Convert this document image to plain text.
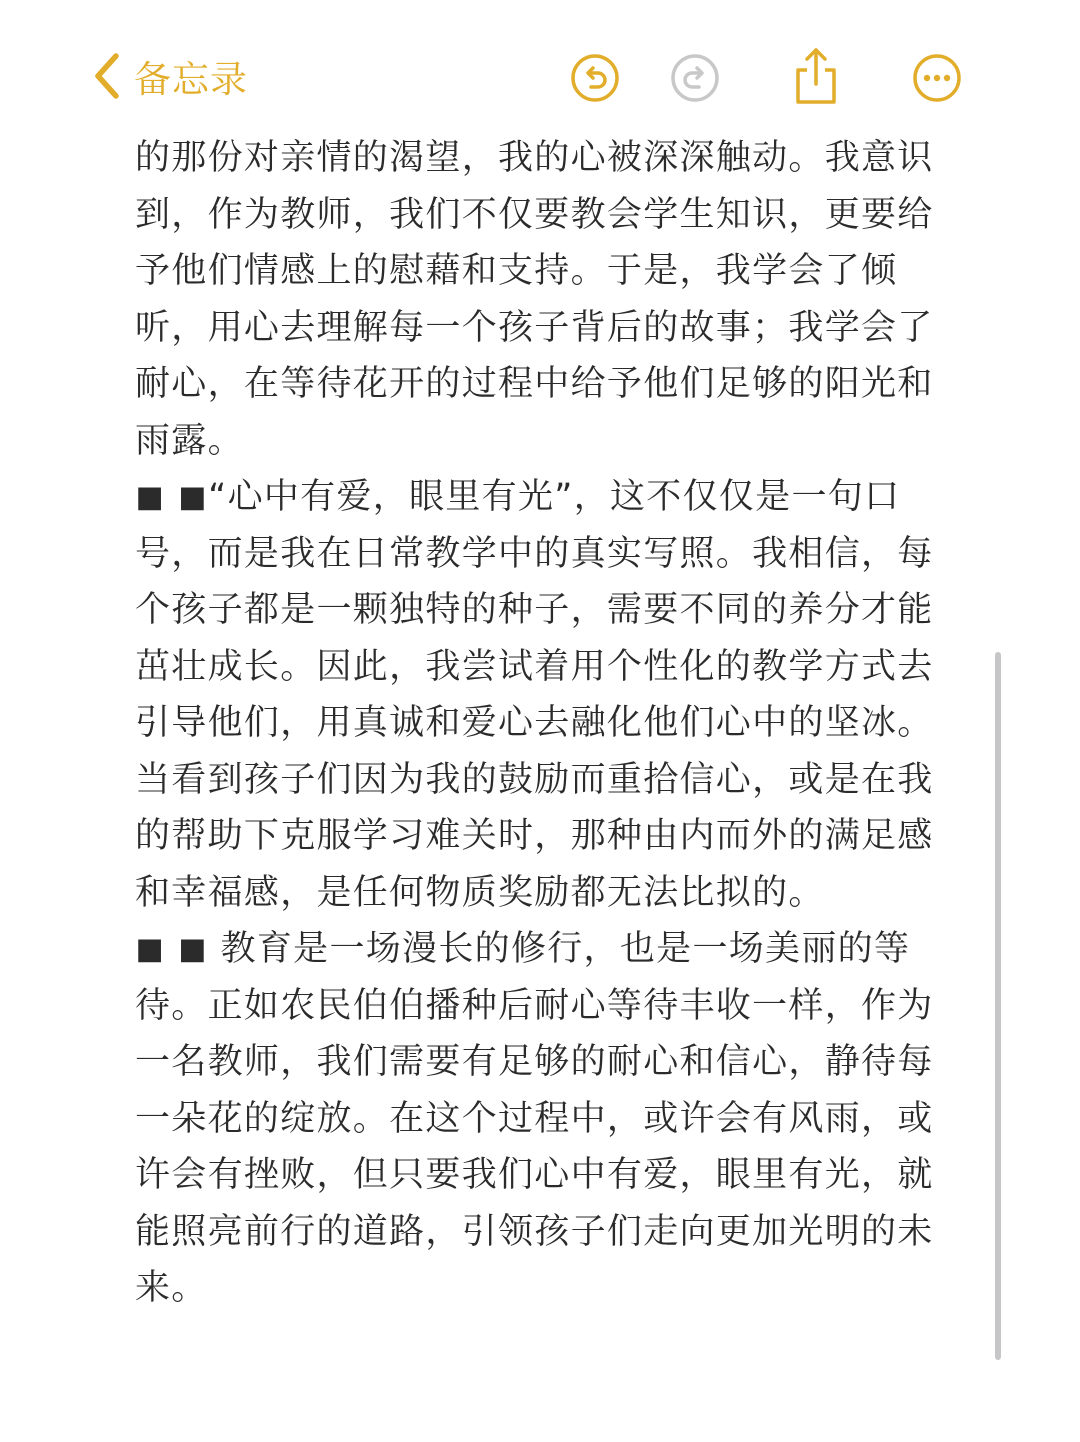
备忘录

的那份对亲情的渴望，我的心被深深触动。我意识到，作为教师，我们不仅要教会学生知识，更要给予他们情感上的慰藉和支持。于是，我学会了倾听，用心去理解每一个孩子背后的故事；我学会了耐心，在等待花开的过程中给予他们足够的阳光和雨露。

◼︎ ◼︎“心中有爱，眼里有光”，这不仅仅是一句口号，而是我在日常教学中的真实写照。我相信，每个孩子都是一颗独特的种子，需要不同的养分才能茁壮成长。因此，我尝试着用个性化的教学方式去引导他们，用真诚和爱心去融化他们心中的坚冰。当看到孩子们因为我的鼓励而重拾信心，或是在我的帮助下克服学习难关时，那种由内而外的满足感和幸福感，是任何物质奖励都无法比拟的。

◼︎ ◼︎ 教育是一场漫长的修行，也是一场美丽的等待。正如农民伯伯播种后耐心等待丰收一样，作为一名教师，我们需要有足够的耐心和信心，静待每一朵花的绽放。在这个过程中，或许会有风雨，或许会有挫败，但只要我们心中有爱，眼里有光，就能照亮前行的道路，引领孩子们走向更加光明的未来。
